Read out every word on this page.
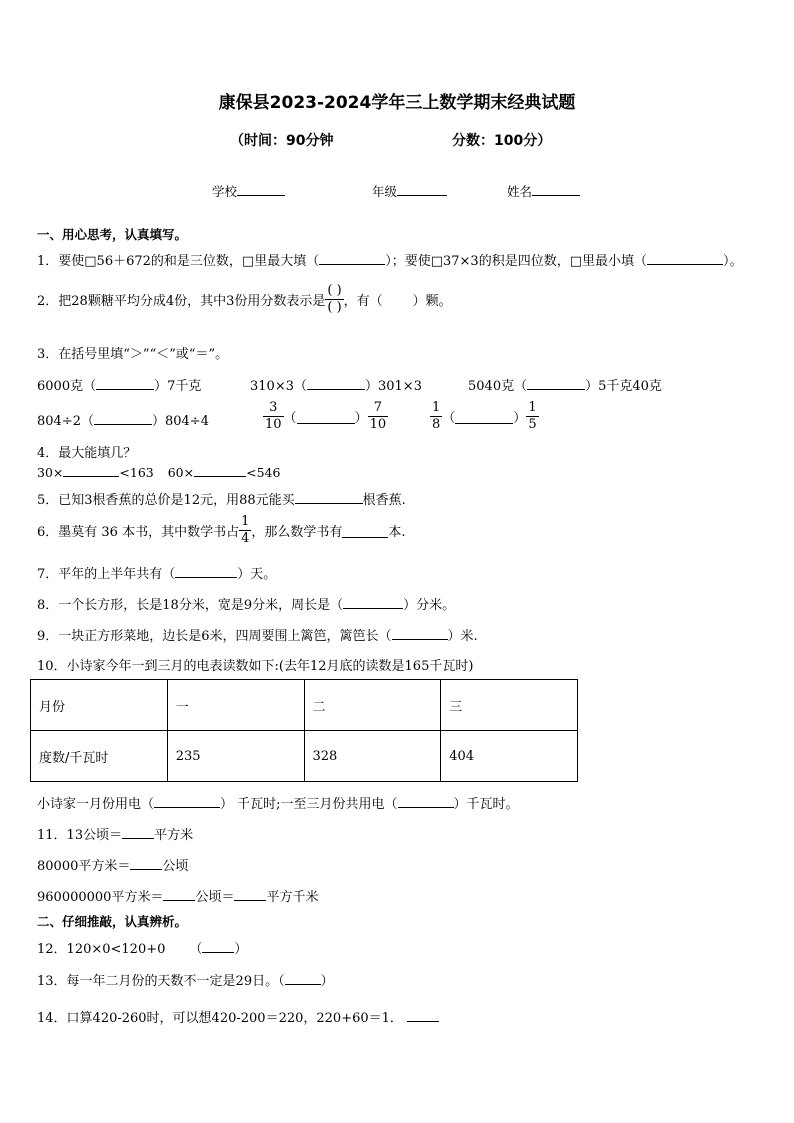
康保县2023-2024学年三上数学期末经典试题
（时间：90分钟	分数：100分）
学校	年级	姓名
一、用心思考，认真填写。
1．要使□56＋672的和是三位数，□里最大填（	）；要使□37×3的积是四位数，□里最小填（	）。
2．把28颗糖平均分成4份，其中3份用分数表示是 $\frac{( )}{( )}$ ，有（ ）颗。
3．在括号里填“＞”“＜”或“＝”。
6000克（	）7千克	310×3（	）301×3	5040克（	）5千克40克
804÷2（	）804÷4	$\frac{3}{10}$ （	） $\frac{7}{10}$	$\frac{1}{8}$ （	） $\frac{1}{5}$
4．最大能填几？
30×	<163 60×	<546
5．已知3根香蕉的总价是12元，用88元能买	根香蕉.
6．墨莫有 36 本书，其中数学书占 $\frac{1}{4}$ ，那么数学书有	本.
7．平年的上半年共有（	）天。
8．一个长方形，长是18分米，宽是9分米，周长是（	）分米。
9．一块正方形菜地，边长是6米，四周要围上篱笆，篱笆长（	）米.
10．小诗家今年一到三月的电表读数如下:(去年12月底的读数是165千瓦时)
月份	一	二	三
度数/千瓦时	235	328	404
小诗家一月份用电（	） 千瓦时;一至三月份共用电（	）千瓦时。
11．13公顷＝ 平方米
80000平方米＝ 公顷
960000000平方米＝ 公顷＝ 平方千米
二、仔细推敲，认真辨析。
12．120×0<120+0 （ ）
13．每一年二月份的天数不一定是29日。（	）
14．口算420-260时，可以想420-200＝220，220+60＝1．
